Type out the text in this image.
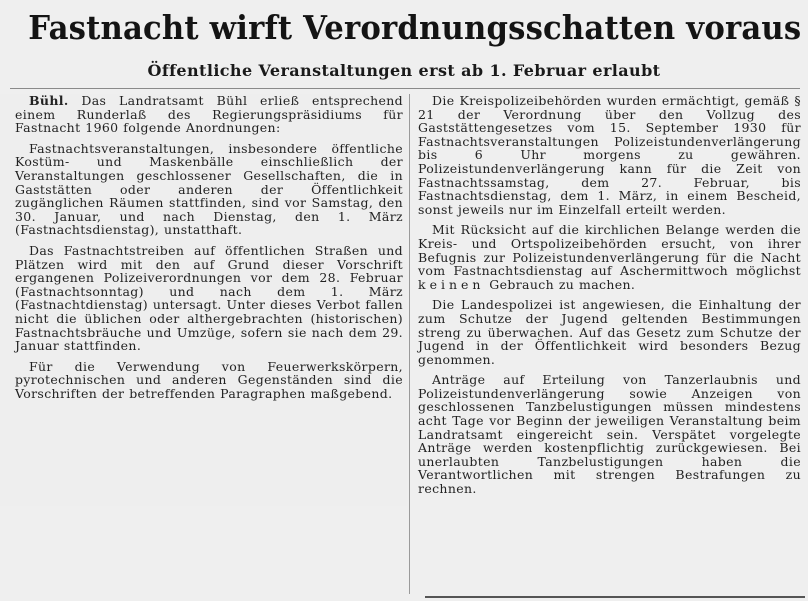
Fastnacht wirft Verordnungsschatten voraus
Öffentliche Veranstaltungen erst ab 1. Februar erlaubt

Bühl. Das Landratsamt Bühl erließ entsprechend einem Runderlaß des Regierungspräsidiums für Fastnacht 1960 folgende Anordnungen:

Fastnachtsveranstaltungen, insbesondere öffentliche Kostüm- und Maskenbälle einschließlich der Veranstaltungen geschlossener Gesellschaften, die in Gaststätten oder anderen der Öffentlichkeit zugänglichen Räumen stattfinden, sind vor Samstag, den 30. Januar, und nach Dienstag, den 1. März (Fastnachtsdienstag), unstatthaft.

Das Fastnachtstreiben auf öffentlichen Straßen und Plätzen wird mit den auf Grund dieser Vorschrift ergangenen Polizeiverordnungen vor dem 28. Februar (Fastnachtsonntag) und nach dem 1. März (Fastnachtdienstag) untersagt. Unter dieses Verbot fallen nicht die üblichen oder althergebrachten (historischen) Fastnachtsbräuche und Umzüge, sofern sie nach dem 29. Januar stattfinden.

Für die Verwendung von Feuerwerkskörpern, pyrotechnischen und anderen Gegenständen sind die Vorschriften der betreffenden Paragraphen maßgebend.

Die Kreispolizeibehörden wurden ermächtigt, gemäß § 21 der Verordnung über den Vollzug des Gaststättengesetzes vom 15. September 1930 für Fastnachtsveranstaltungen Polizeistundenverlängerung bis 6 Uhr morgens zu gewähren. Polizeistundenverlängerung kann für die Zeit von Fastnachtssamstag, dem 27. Februar, bis Fastnachtsdienstag, dem 1. März, in einem Bescheid, sonst jeweils nur im Einzelfall erteilt werden.

Mit Rücksicht auf die kirchlichen Belange werden die Kreis- und Ortspolizeibehörden ersucht, von ihrer Befugnis zur Polizeistundenverlängerung für die Nacht vom Fastnachtsdienstag auf Aschermittwoch möglichst keinen Gebrauch zu machen.

Die Landespolizei ist angewiesen, die Einhaltung der zum Schutze der Jugend geltenden Bestimmungen streng zu überwachen. Auf das Gesetz zum Schutze der Jugend in der Öffentlichkeit wird besonders Bezug genommen.

Anträge auf Erteilung von Tanzerlaubnis und Polizeistundenverlängerung sowie Anzeigen von geschlossenen Tanzbelustigungen müssen mindestens acht Tage vor Beginn der jeweiligen Veranstaltung beim Landratsamt eingereicht sein. Verspätet vorgelegte Anträge werden kostenpflichtig zurückgewiesen. Bei unerlaubten Tanzbelustigungen haben die Verantwortlichen mit strengen Bestrafungen zu rechnen.
